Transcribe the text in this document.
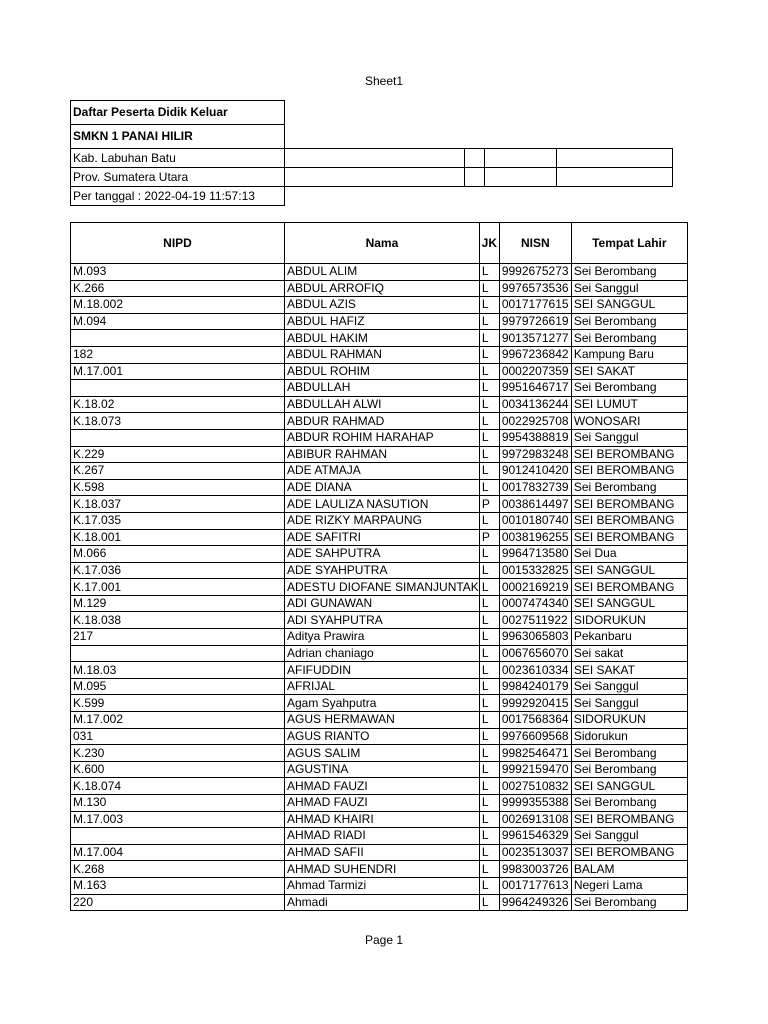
Sheet1
Daftar Peserta Didik Keluar				
SMKN 1 PANAI HILIR				
Kab. Labuhan Batu				
Prov. Sumatera Utara				
Per tanggal : 2022-04-19 11:57:13				
NIPD	Nama	JK	NISN	Tempat Lahir
M.093	ABDUL ALIM	L	9992675273	Sei Berombang
K.266	ABDUL ARROFIQ	L	9976573536	Sei Sanggul
M.18.002	ABDUL AZIS	L	0017177615	SEI SANGGUL
M.094	ABDUL HAFIZ	L	9979726619	Sei Berombang
	ABDUL HAKIM	L	9013571277	Sei Berombang
182	ABDUL RAHMAN	L	9967236842	Kampung Baru
M.17.001	ABDUL ROHIM	L	0002207359	SEI SAKAT
	ABDULLAH	L	9951646717	Sei Berombang
K.18.02	ABDULLAH ALWI	L	0034136244	SEI LUMUT
K.18.073	ABDUR RAHMAD	L	0022925708	WONOSARI
	ABDUR ROHIM HARAHAP	L	9954388819	Sei Sanggul
K.229	ABIBUR RAHMAN	L	9972983248	SEI BEROMBANG
K.267	ADE ATMAJA	L	9012410420	SEI BEROMBANG
K.598	ADE DIANA	L	0017832739	Sei Berombang
K.18.037	ADE LAULIZA NASUTION	P	0038614497	SEI BEROMBANG
K.17.035	ADE RIZKY MARPAUNG	L	0010180740	SEI BEROMBANG
K.18.001	ADE SAFITRI	P	0038196255	SEI BEROMBANG
M.066	ADE SAHPUTRA	L	9964713580	Sei Dua
K.17.036	ADE SYAHPUTRA	L	0015332825	SEI SANGGUL
K.17.001	ADESTU DIOFANE SIMANJUNTAK	L	0002169219	SEI BEROMBANG
M.129	ADI GUNAWAN	L	0007474340	SEI SANGGUL
K.18.038	ADI SYAHPUTRA	L	0027511922	SIDORUKUN
217	Aditya Prawira	L	9963065803	Pekanbaru
	Adrian chaniago	L	0067656070	Sei sakat
M.18.03	AFIFUDDIN	L	0023610334	SEI SAKAT
M.095	AFRIJAL	L	9984240179	Sei Sanggul
K.599	Agam Syahputra	L	9992920415	Sei Sanggul
M.17.002	AGUS HERMAWAN	L	0017568364	SIDORUKUN
031	AGUS RIANTO	L	9976609568	Sidorukun
K.230	AGUS SALIM	L	9982546471	Sei Berombang
K.600	AGUSTINA	L	9992159470	Sei Berombang
K.18.074	AHMAD FAUZI	L	0027510832	SEI SANGGUL
M.130	AHMAD FAUZI	L	9999355388	Sei Berombang
M.17.003	AHMAD KHAIRI	L	0026913108	SEI BEROMBANG
	AHMAD RIADI	L	9961546329	Sei Sanggul
M.17.004	AHMAD SAFII	L	0023513037	SEI BEROMBANG
K.268	AHMAD SUHENDRI	L	9983003726	BALAM
M.163	Ahmad Tarmizi	L	0017177613	Negeri Lama
220	Ahmadi	L	9964249326	Sei Berombang
Page 1
